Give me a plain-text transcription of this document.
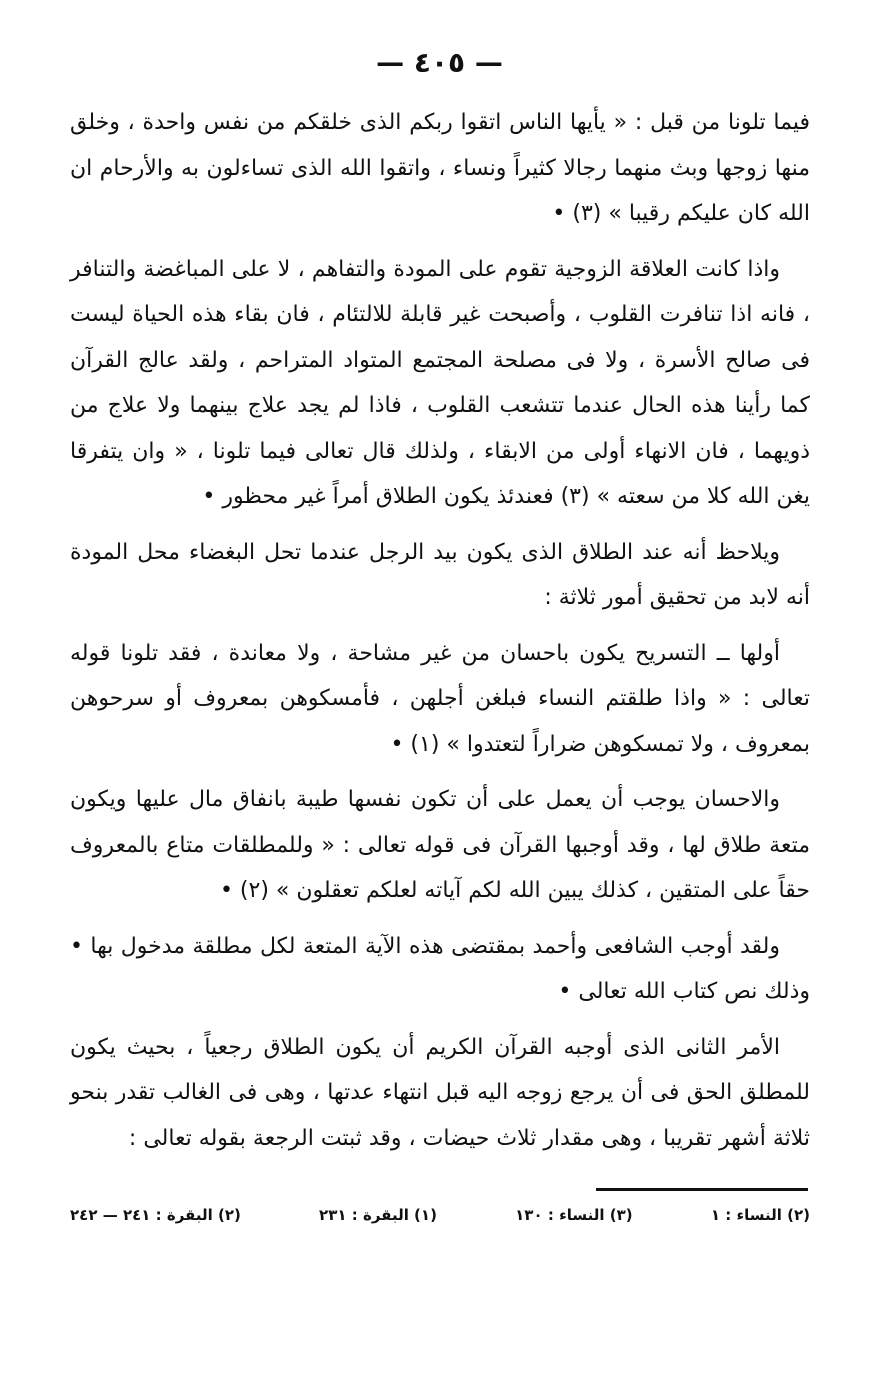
— ٤٠٥ —

فيما تلونا من قبل : « يأيها الناس اتقوا ربكم الذى خلقكم من نفس واحدة ، وخلق منها زوجها وبث منهما رجالا كثيراً ونساء ، واتقوا الله الذى تساءلون به والأرحام ان الله كان عليكم رقيبا » (٣) •

واذا كانت العلاقة الزوجية تقوم على المودة والتفاهم ، لا على المباغضة والتنافر ، فانه اذا تنافرت القلوب ، وأصبحت غير قابلة للالتئام ، فان بقاء هذه الحياة ليست فى صالح الأسرة ، ولا فى مصلحة المجتمع المتواد المتراحم ، ولقد عالج القرآن كما رأينا هذه الحال عندما تتشعب القلوب ، فاذا لم يجد علاج بينهما ولا علاج من ذويهما ، فان الانهاء أولى من الابقاء ، ولذلك قال تعالى فيما تلونا ، « وان يتفرقا يغن الله كلا من سعته » (٣) فعندئذ يكون الطلاق أمراً غير محظور •

ويلاحظ أنه عند الطلاق الذى يكون بيد الرجل عندما تحل البغضاء محل المودة أنه لابد من تحقيق أمور ثلاثة :

أولها ــ التسريح يكون باحسان من غير مشاحة ، ولا معاندة ، فقد تلونا قوله تعالى : « واذا طلقتم النساء فبلغن أجلهن ، فأمسكوهن بمعروف أو سرحوهن بمعروف ، ولا تمسكوهن ضراراً لتعتدوا » (١) •

والاحسان يوجب أن يعمل على أن تكون نفسها طيبة بانفاق مال عليها ويكون متعة طلاق لها ، وقد أوجبها القرآن فى قوله تعالى : « وللمطلقات متاع بالمعروف حقاً على المتقين ، كذلك يبين الله لكم آياته لعلكم تعقلون » (٢) •

ولقد أوجب الشافعى وأحمد بمقتضى هذه الآية المتعة لكل مطلقة مدخول بها • وذلك نص كتاب الله تعالى •

الأمر الثانى الذى أوجبه القرآن الكريم أن يكون الطلاق رجعياً ، بحيث يكون للمطلق الحق فى أن يرجع زوجه اليه قبل انتهاء عدتها ، وهى فى الغالب تقدر بنحو ثلاثة أشهر تقريبا ، وهى مقدار ثلاث حيضات ، وقد ثبتت الرجعة بقوله تعالى :

(٢) النساء : ١
(٣) النساء : ١٣٠
(١) البقرة : ٢٣١
(٢) البقرة : ٢٤١ — ٢٤٢
